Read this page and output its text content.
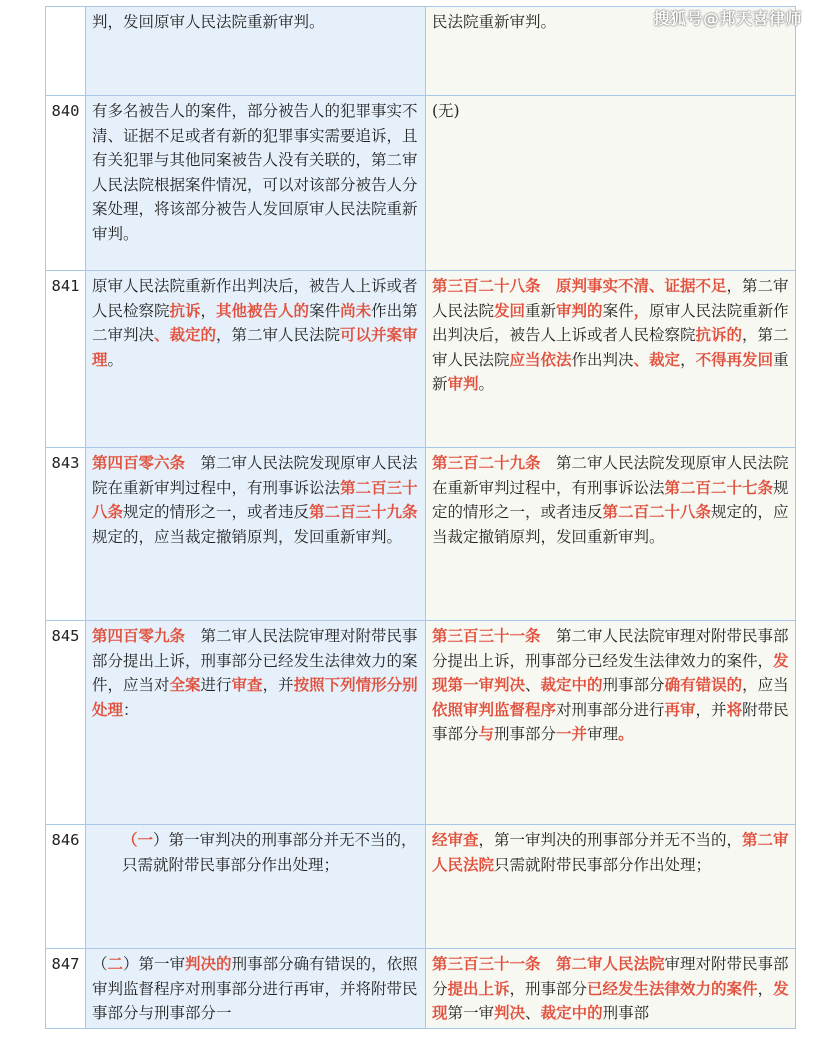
搜狐号@邦天喜律师

	判，发回原审人民法院重新审判。	民法院重新审判。

840	有多名被告人的案件，部分被告人的犯罪事实不清、证据不足或者有新的犯罪事实需要追诉，且有关犯罪与其他同案被告人没有关联的，第二审人民法院根据案件情况，可以对该部分被告人分案处理，将该部分被告人发回原审人民法院重新审判。	(无)

841	原审人民法院重新作出判决后，被告人上诉或者人民检察院抗诉，其他被告人的案件尚未作出第二审判决、裁定的，第二审人民法院可以并案审理。	第三百二十八条　原判事实不清、证据不足，第二审人民法院发回重新审判的案件，原审人民法院重新作出判决后，被告人上诉或者人民检察院抗诉的，第二审人民法院应当依法作出判决、裁定，不得再发回重新审判。

843	第四百零六条　第二审人民法院发现原审人民法院在重新审判过程中，有刑事诉讼法第二百三十八条规定的情形之一，或者违反第二百三十九条规定的，应当裁定撤销原判，发回重新审判。	第三百二十九条　第二审人民法院发现原审人民法院在重新审判过程中，有刑事诉讼法第二百二十七条规定的情形之一，或者违反第二百二十八条规定的，应当裁定撤销原判，发回重新审判。

845	第四百零九条　第二审人民法院审理对附带民事部分提出上诉，刑事部分已经发生法律效力的案件，应当对全案进行审查，并按照下列情形分别处理：	第三百三十一条　第二审人民法院审理对附带民事部分提出上诉，刑事部分已经发生法律效力的案件，发现第一审判决、裁定中的刑事部分确有错误的，应当依照审判监督程序对刑事部分进行再审，并将附带民事部分与刑事部分一并审理。

846	（一）第一审判决的刑事部分并无不当的，只需就附带民事部分作出处理；	经审查，第一审判决的刑事部分并无不当的，第二审人民法院只需就附带民事部分作出处理；

847	（二）第一审判决的刑事部分确有错误的，依照审判监督程序对刑事部分进行再审，并将附带民事部分与刑事部分一	第三百三十一条　第二审人民法院审理对附带民事部分提出上诉，刑事部分已经发生法律效力的案件，发现第一审判决、裁定中的刑事部
